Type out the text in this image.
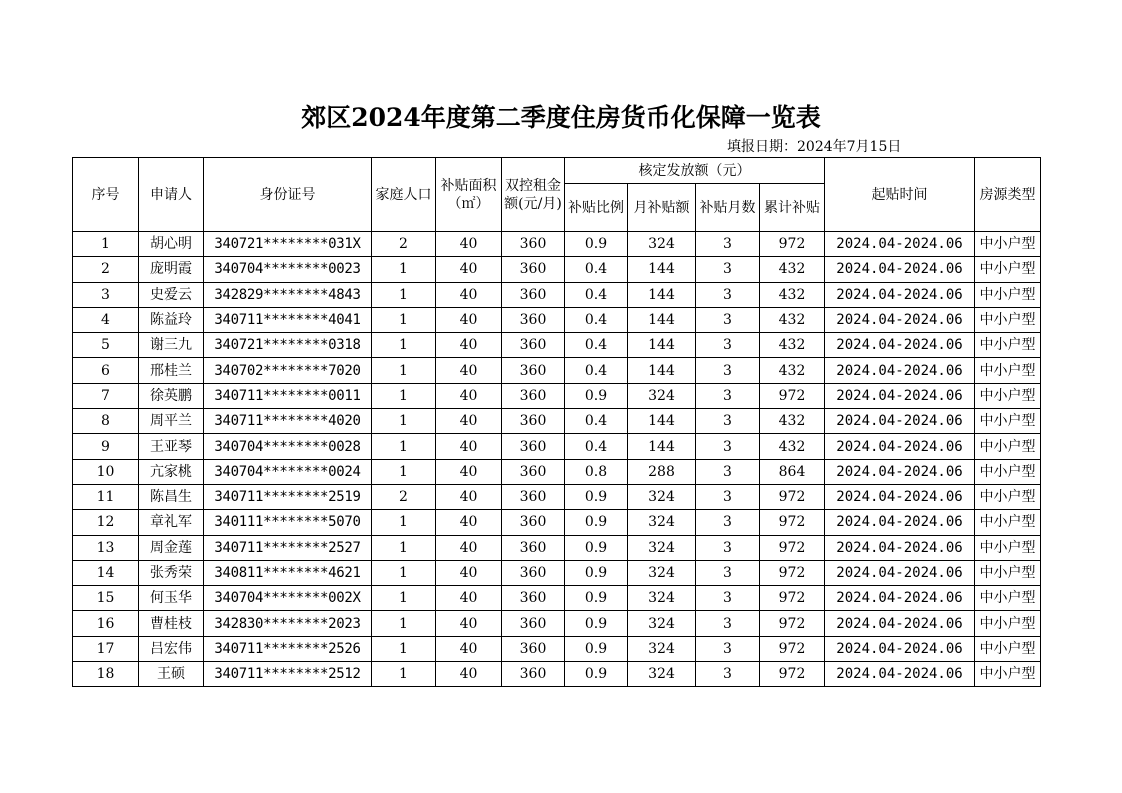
郊区2024年度第二季度住房货币化保障一览表
填报日期：2024年7月15日
序号	申请人	身份证号	家庭人口	补贴面积（㎡）	双控租金额(元/月)	核定发放额（元）				起贴时间	房源类型
						补贴比例	月补贴额	补贴月数	累计补贴		
1	胡心明	340721********031X	2	40	360	0.9	324	3	972	2024.04-2024.06	中小户型
2	庞明霞	340704********0023	1	40	360	0.4	144	3	432	2024.04-2024.06	中小户型
3	史爱云	342829********4843	1	40	360	0.4	144	3	432	2024.04-2024.06	中小户型
4	陈益玲	340711********4041	1	40	360	0.4	144	3	432	2024.04-2024.06	中小户型
5	谢三九	340721********0318	1	40	360	0.4	144	3	432	2024.04-2024.06	中小户型
6	邢桂兰	340702********7020	1	40	360	0.4	144	3	432	2024.04-2024.06	中小户型
7	徐英鹏	340711********0011	1	40	360	0.9	324	3	972	2024.04-2024.06	中小户型
8	周平兰	340711********4020	1	40	360	0.4	144	3	432	2024.04-2024.06	中小户型
9	王亚琴	340704********0028	1	40	360	0.4	144	3	432	2024.04-2024.06	中小户型
10	亢家桃	340704********0024	1	40	360	0.8	288	3	864	2024.04-2024.06	中小户型
11	陈昌生	340711********2519	2	40	360	0.9	324	3	972	2024.04-2024.06	中小户型
12	章礼军	340111********5070	1	40	360	0.9	324	3	972	2024.04-2024.06	中小户型
13	周金莲	340711********2527	1	40	360	0.9	324	3	972	2024.04-2024.06	中小户型
14	张秀荣	340811********4621	1	40	360	0.9	324	3	972	2024.04-2024.06	中小户型
15	何玉华	340704********002X	1	40	360	0.9	324	3	972	2024.04-2024.06	中小户型
16	曹桂枝	342830********2023	1	40	360	0.9	324	3	972	2024.04-2024.06	中小户型
17	吕宏伟	340711********2526	1	40	360	0.9	324	3	972	2024.04-2024.06	中小户型
18	王硕	340711********2512	1	40	360	0.9	324	3	972	2024.04-2024.06	中小户型
